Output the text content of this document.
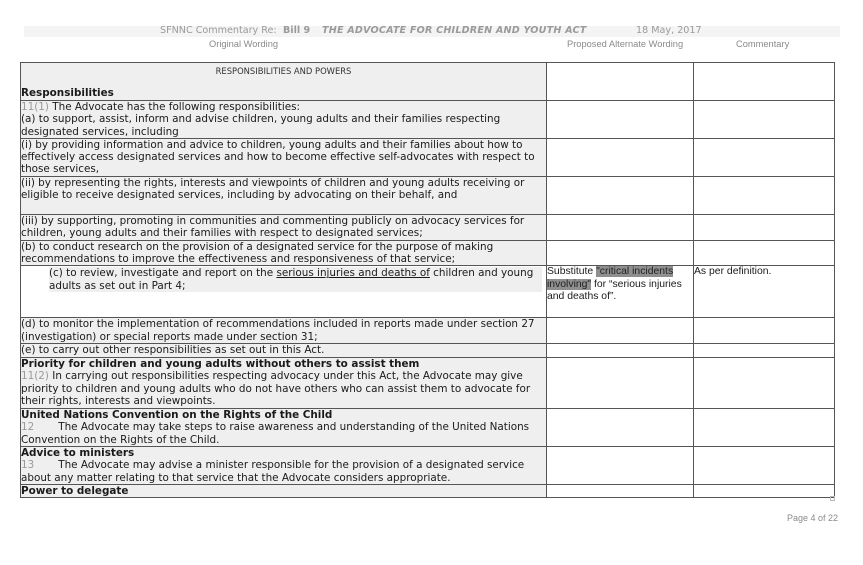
SFNNC Commentary Re: Bill 9 THE ADVOCATE FOR CHILDREN AND YOUTH ACT	18 May, 2017
Original Wording	Proposed Alternate Wording	Commentary
RESPONSIBILITIES AND POWERS
Responsibilities		

11(1) The Advocate has the following responsibilities:
(a) to support, assist, inform and advise children, young adults and their families respecting designated services, including		

(i) by providing information and advice to children, young adults and their families about how to effectively access designated services and how to become effective self-advocates with respect to those services,		
(ii) by representing the rights, interests and viewpoints of children and young adults receiving or eligible to receive designated services, including by advocating on their behalf, and		
(iii) by supporting, promoting in communities and commenting publicly on advocacy services for children, young adults and their families with respect to designated services;		
(b) to conduct research on the provision of a designated service for the purpose of making recommendations to improve the effectiveness and responsiveness of that service;		

(c) to review, investigate and report on the serious injuries and deaths of children and young adults as set out in Part 4;	Substitute "critical incidents involving" for “serious injuries and deaths of”.	As per definition.
(d) to monitor the implementation of recommendations included in reports made under section 27 (investigation) or special reports made under section 31;		
(e) to carry out other responsibilities as set out in this Act.		

Priority for children and young adults without others to assist them
11(2) In carrying out responsibilities respecting advocacy under this Act, the Advocate may give priority to children and young adults who do not have others who can assist them to advocate for their rights, interests and viewpoints.		

United Nations Convention on the Rights of the Child
12 The Advocate may take steps to raise awareness and understanding of the United Nations Convention on the Rights of the Child.		

Advice to ministers
13 The Advocate may advise a minister responsible for the provision of a designated service about any matter relating to that service that the Advocate considers appropriate.		

Power to delegate		

Page 4 of 22
